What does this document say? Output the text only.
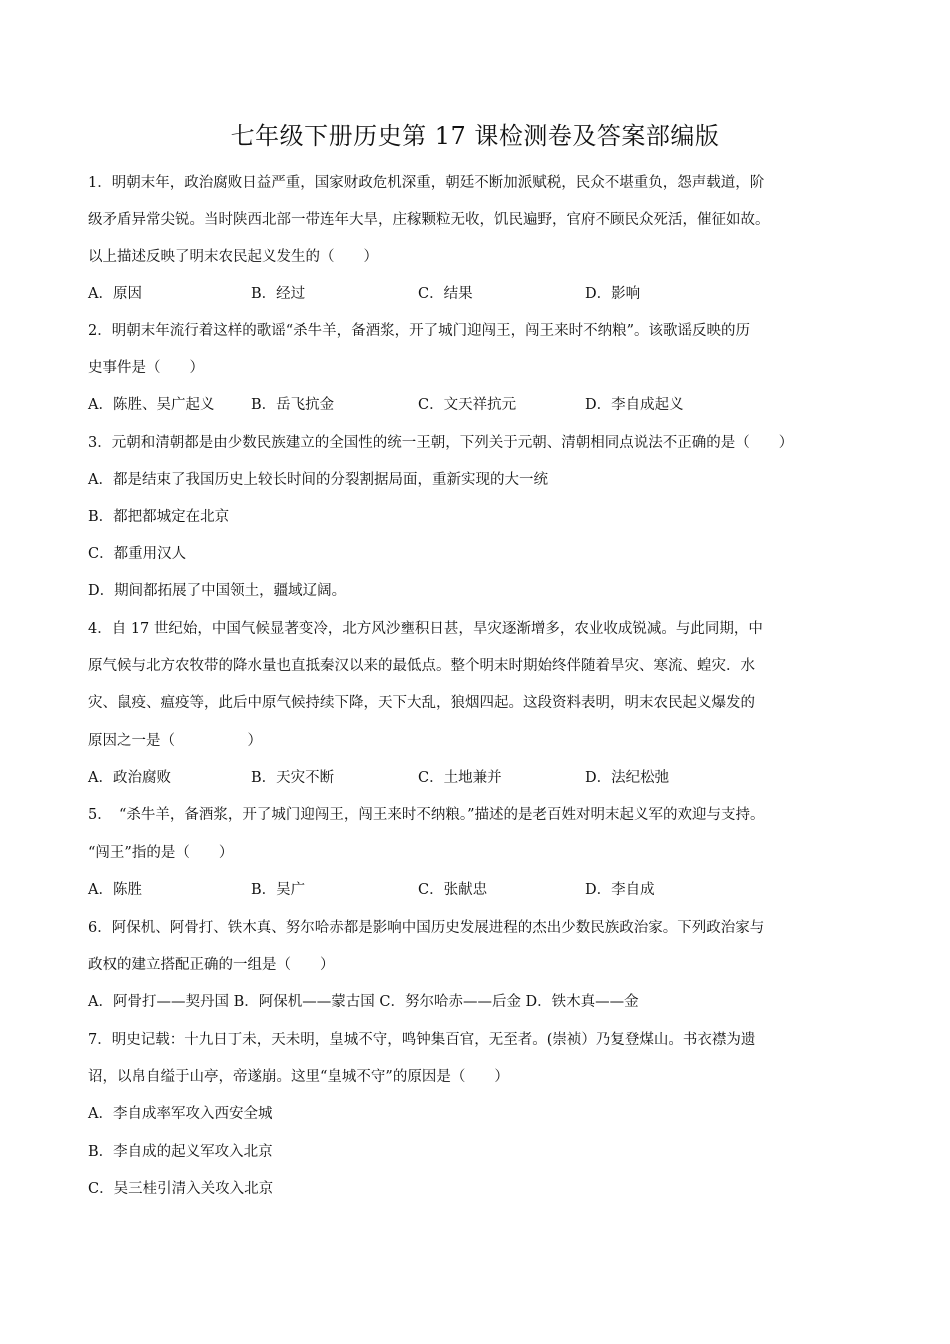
七年级下册历史第 17 课检测卷及答案部编版
1．明朝末年，政治腐败日益严重，国家财政危机深重，朝廷不断加派赋税，民众不堪重负，怨声载道，阶
级矛盾异常尖锐。当时陕西北部一带连年大旱，庄稼颗粒无收，饥民遍野，官府不顾民众死活，催征如故。
以上描述反映了明末农民起义发生的（　　）
A．原因	B．经过	C．结果	D．影响
2．明朝末年流行着这样的歌谣“杀牛羊，备酒浆，开了城门迎闯王，闯王来时不纳粮”。该歌谣反映的历
史事件是（　　）
A．陈胜、吴广起义	B．岳飞抗金	C．文天祥抗元	D．李自成起义
3．元朝和清朝都是由少数民族建立的全国性的统一王朝，下列关于元朝、清朝相同点说法不正确的是（　　）
A．都是结束了我国历史上较长时间的分裂割据局面，重新实现的大一统
B．都把都城定在北京
C．都重用汉人
D．期间都拓展了中国领土，疆域辽阔。
4．自 17 世纪始，中国气候显著变冷，北方风沙壅积日甚，旱灾逐渐增多，农业收成锐减。与此同期，中
原气候与北方农牧带的降水量也直抵秦汉以来的最低点。整个明末时期始终伴随着旱灾、寒流、蝗灾．水
灾、鼠疫、瘟疫等，此后中原气候持续下降，天下大乱，狼烟四起。这段资料表明，明末农民起义爆发的
原因之一是（　　　　　）
A．政治腐败	B．天灾不断	C．土地兼并	D．法纪松弛
5．　“杀牛羊，备酒浆，开了城门迎闯王，闯王来时不纳粮。”描述的是老百姓对明末起义军的欢迎与支持。
“闯王”指的是（　　）
A．陈胜	B．吴广	C．张献忠	D．李自成
6．阿保机、阿骨打、铁木真、努尔哈赤都是影响中国历史发展进程的杰出少数民族政治家。下列政治家与
政权的建立搭配正确的一组是（　　）
A．阿骨打——契丹国 B．阿保机——蒙古国 C．努尔哈赤——后金 D．铁木真——金
7．明史记载：十九日丁未，天未明，皇城不守，鸣钟集百官，无至者。(崇祯）乃复登煤山。书衣襟为遗
诏，以帛自缢于山亭，帝遂崩。这里“皇城不守”的原因是（　　）
A．李自成率军攻入西安全城
B．李自成的起义军攻入北京
C．吴三桂引清入关攻入北京
